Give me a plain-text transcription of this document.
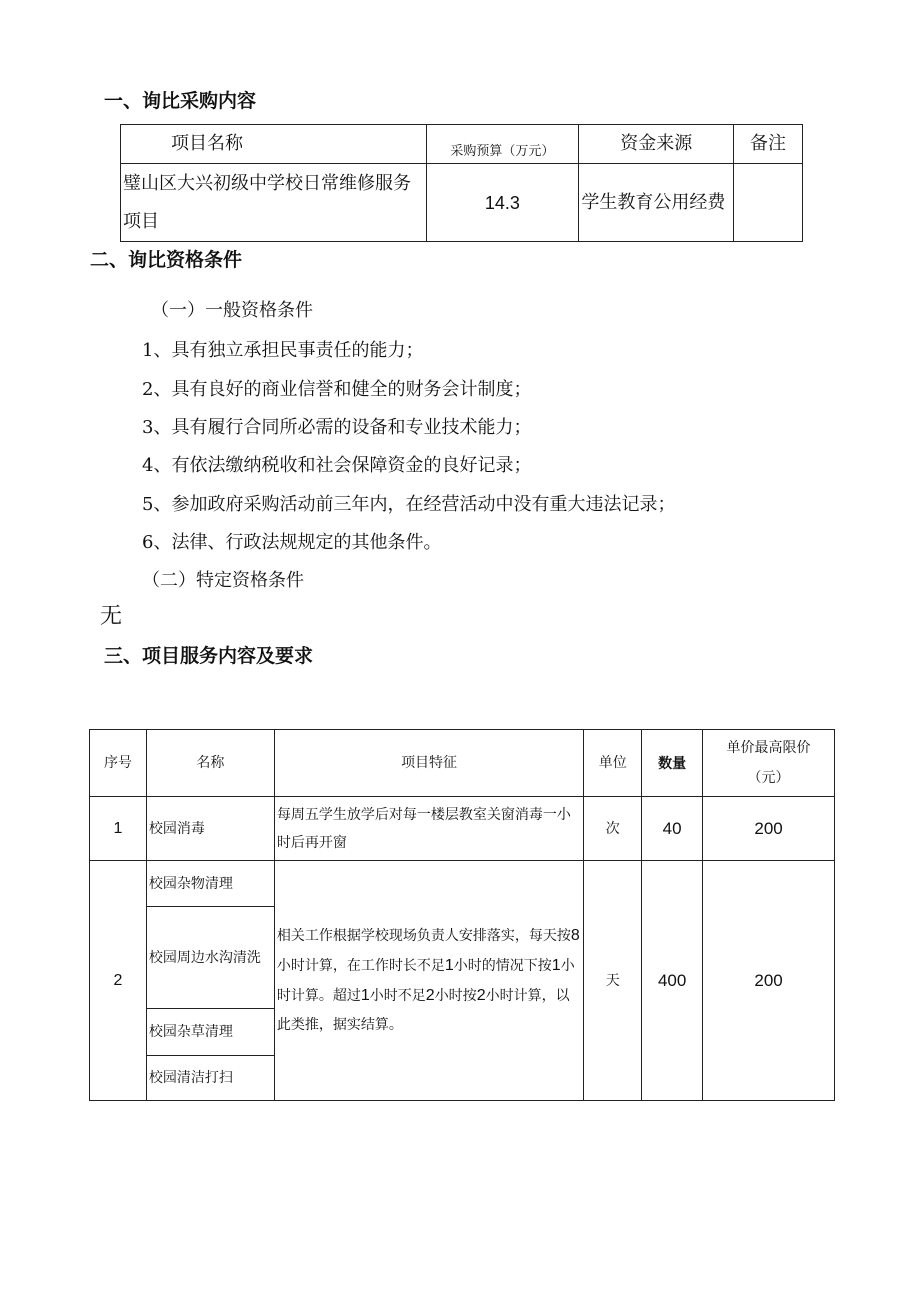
一、询比采购内容
项目名称	采购预算（万元）	资金来源	备注
璧山区大兴初级中学校日常维修服务项目	14.3	学生教育公用经费	
二、询比资格条件
（一）一般资格条件
1、具有独立承担民事责任的能力；
2、具有良好的商业信誉和健全的财务会计制度；
3、具有履行合同所必需的设备和专业技术能力；
4、有依法缴纳税收和社会保障资金的良好记录；
5、参加政府采购活动前三年内，在经营活动中没有重大违法记录；
6、法律、行政法规规定的其他条件。
（二）特定资格条件
无
三、项目服务内容及要求
序号	名称	项目特征	单位	数量	单价最高限价（元）
1	校园消毒	每周五学生放学后对每一楼层教室关窗消毒一小时后再开窗	次	40	200
2	校园杂物清理	相关工作根据学校现场负责人安排落实，每天按8小时计算，在工作时长不足1小时的情况下按1小时计算。超过1小时不足2小时按2小时计算，以此类推，据实结算。	天	400	200
	校园周边水沟清洗				
	校园杂草清理				
	校园清洁打扫				
